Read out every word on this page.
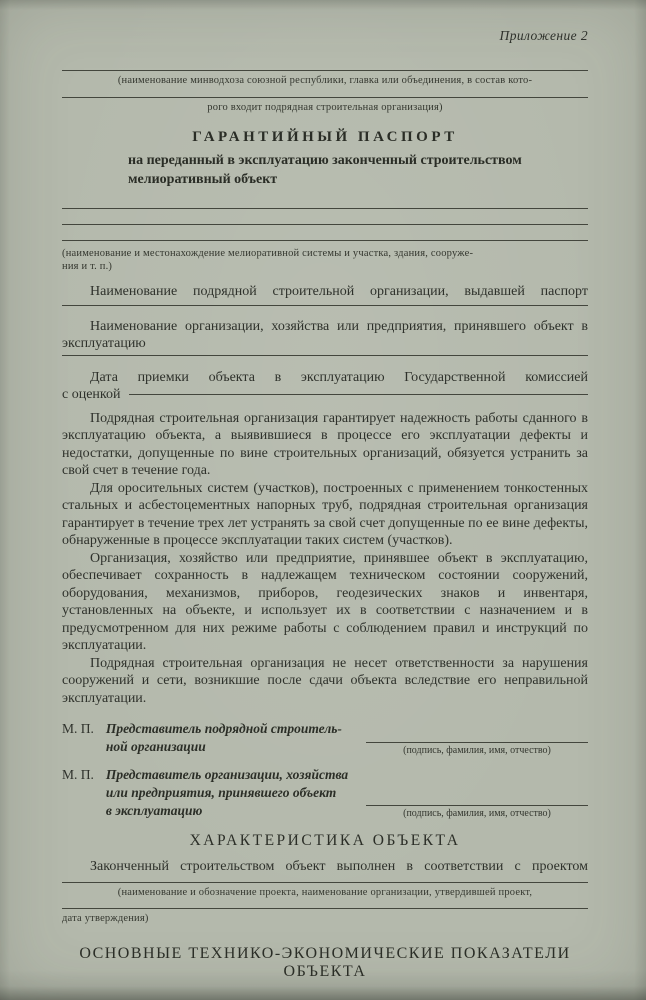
Приложение 2
(наименование минводхоза союзной республики, главка или объединения, в состав кото-
рого входит подрядная строительная организация)
ГАРАНТИЙНЫЙ ПАСПОРТ
на переданный в эксплуатацию законченный строительством
мелиоративный объект
(наименование и местонахождение мелиоративной системы и участка, здания, сооруже-
ния и т. п.)
Наименование подрядной строительной организации, выдавшей паспорт
Наименование организации, хозяйства или предприятия, принявшего объект в эксплуатацию
Дата приемки объекта в эксплуатацию Государственной комиссией
с оценкой
Подрядная строительная организация гарантирует надежность работы сданного в эксплуатацию объекта, а выявившиеся в процессе его эксплуатации дефекты и недостатки, допущенные по вине строительных организаций, обязуется устранить за свой счет в течение года.
Для оросительных систем (участков), построенных с применением тонкостенных стальных и асбестоцементных напорных труб, подрядная строительная организация гарантирует в течение трех лет устранять за свой счет допущенные по ее вине дефекты, обнаруженные в процессе эксплуатации таких систем (участков).
Организация, хозяйство или предприятие, принявшее объект в эксплуатацию, обеспечивает сохранность в надлежащем техническом состоянии сооружений, оборудования, механизмов, приборов, геодезических знаков и инвентаря, установленных на объекте, и использует их в соответствии с назначением и в предусмотренном для них режиме работы с соблюдением правил и инструкций по эксплуатации.
Подрядная строительная организация не несет ответственности за нарушения сооружений и сети, возникшие после сдачи объекта вследствие его неправильной эксплуатации.
М. П. Представитель подрядной строитель-
ной организации	(подпись, фамилия, имя, отчество)
М. П. Представитель организации, хозяйства
или предприятия, принявшего объект
в эксплуатацию	(подпись, фамилия, имя, отчество)
ХАРАКТЕРИСТИКА ОБЪЕКТА
Законченный строительством объект выполнен в соответствии с проектом
(наименование и обозначение проекта, наименование организации, утвердившей проект,
дата утверждения)
ОСНОВНЫЕ ТЕХНИКО-ЭКОНОМИЧЕСКИЕ ПОКАЗАТЕЛИ ОБЪЕКТА
